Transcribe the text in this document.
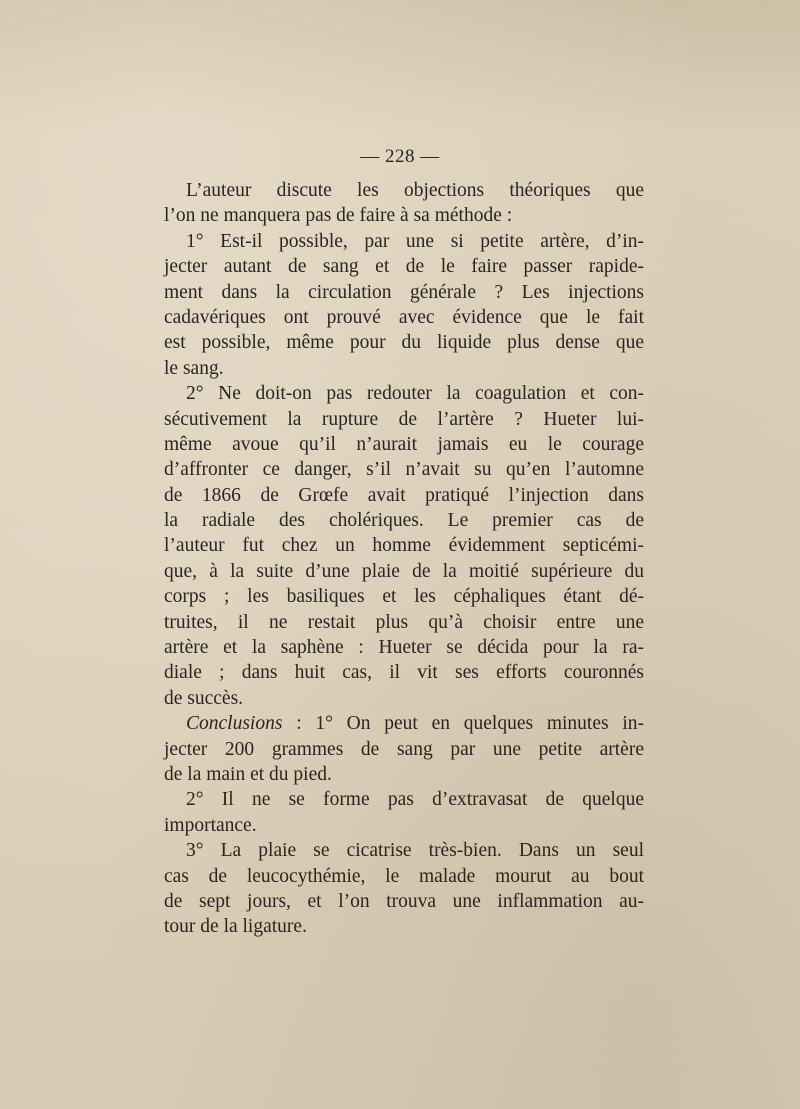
— 228 —
L’auteur discute les objections théoriques que
l’on ne manquera pas de faire à sa méthode :
1° Est-il possible, par une si petite artère, d’in-
jecter autant de sang et de le faire passer rapide-
ment dans la circulation générale ? Les injections
cadavériques ont prouvé avec évidence que le fait
est possible, même pour du liquide plus dense que
le sang.
2° Ne doit-on pas redouter la coagulation et con-
sécutivement la rupture de l’artère ? Hueter lui-
même avoue qu’il n’aurait jamais eu le courage
d’affronter ce danger, s’il n’avait su qu’en l’automne
de 1866 de Grœfe avait pratiqué l’injection dans
la radiale des cholériques. Le premier cas de
l’auteur fut chez un homme évidemment septicémi-
que, à la suite d’une plaie de la moitié supérieure du
corps ; les basiliques et les céphaliques étant dé-
truites, il ne restait plus qu’à choisir entre une
artère et la saphène : Hueter se décida pour la ra-
diale ; dans huit cas, il vit ses efforts couronnés
de succès.
Conclusions : 1° On peut en quelques minutes in-
jecter 200 grammes de sang par une petite artère
de la main et du pied.
2° Il ne se forme pas d’extravasat de quelque
importance.
3° La plaie se cicatrise très-bien. Dans un seul
cas de leucocythémie, le malade mourut au bout
de sept jours, et l’on trouva une inflammation au-
tour de la ligature.
